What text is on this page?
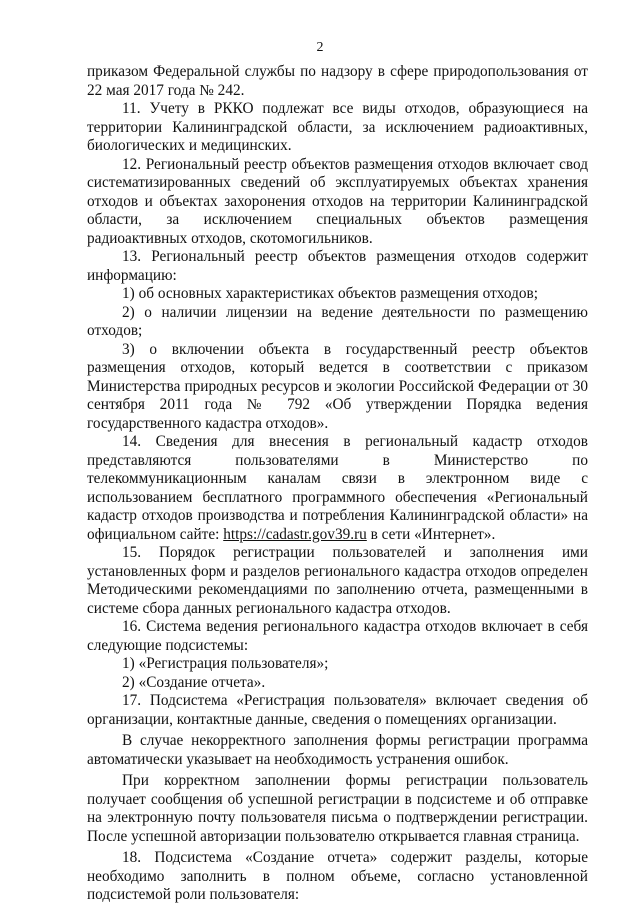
2

приказом Федеральной службы по надзору в сфере природопользования от 22 мая 2017 года № 242.

11. Учету в РККО подлежат все виды отходов, образующиеся на территории Калининградской области, за исключением радиоактивных, биологических и медицинских.

12. Региональный реестр объектов размещения отходов включает свод систематизированных сведений об эксплуатируемых объектах хранения отходов и объектах захоронения отходов на территории Калининградской области, за исключением специальных объектов размещения радиоактивных отходов, скотомогильников.

13. Региональный реестр объектов размещения отходов содержит информацию:

1) об основных характеристиках объектов размещения отходов;

2) о наличии лицензии на ведение деятельности по размещению отходов;

3) о включении объекта в государственный реестр объектов размещения отходов, который ведется в соответствии с приказом Министерства природных ресурсов и экологии Российской Федерации от 30 сентября 2011 года № 792 «Об утверждении Порядка ведения государственного кадастра отходов».

14. Сведения для внесения в региональный кадастр отходов представляются пользователями в Министерство по телекоммуникационным каналам связи в электронном виде с использованием бесплатного программного обеспечения «Региональный кадастр отходов производства и потребления Калининградской области» на официальном сайте: https://cadastr.gov39.ru в сети «Интернет».

15. Порядок регистрации пользователей и заполнения ими установленных форм и разделов регионального кадастра отходов определен Методическими рекомендациями по заполнению отчета, размещенными в системе сбора данных регионального кадастра отходов.

16. Система ведения регионального кадастра отходов включает в себя следующие подсистемы:

1) «Регистрация пользователя»;

2) «Создание отчета».

17. Подсистема «Регистрация пользователя» включает сведения об организации, контактные данные, сведения о помещениях организации.

В случае некорректного заполнения формы регистрации программа автоматически указывает на необходимость устранения ошибок.

При корректном заполнении формы регистрации пользователь получает сообщения об успешной регистрации в подсистеме и об отправке на электронную почту пользователя письма о подтверждении регистрации. После успешной авторизации пользователю открывается главная страница.

18. Подсистема «Создание отчета» содержит разделы, которые необходимо заполнить в полном объеме, согласно установленной подсистемой роли пользователя:
